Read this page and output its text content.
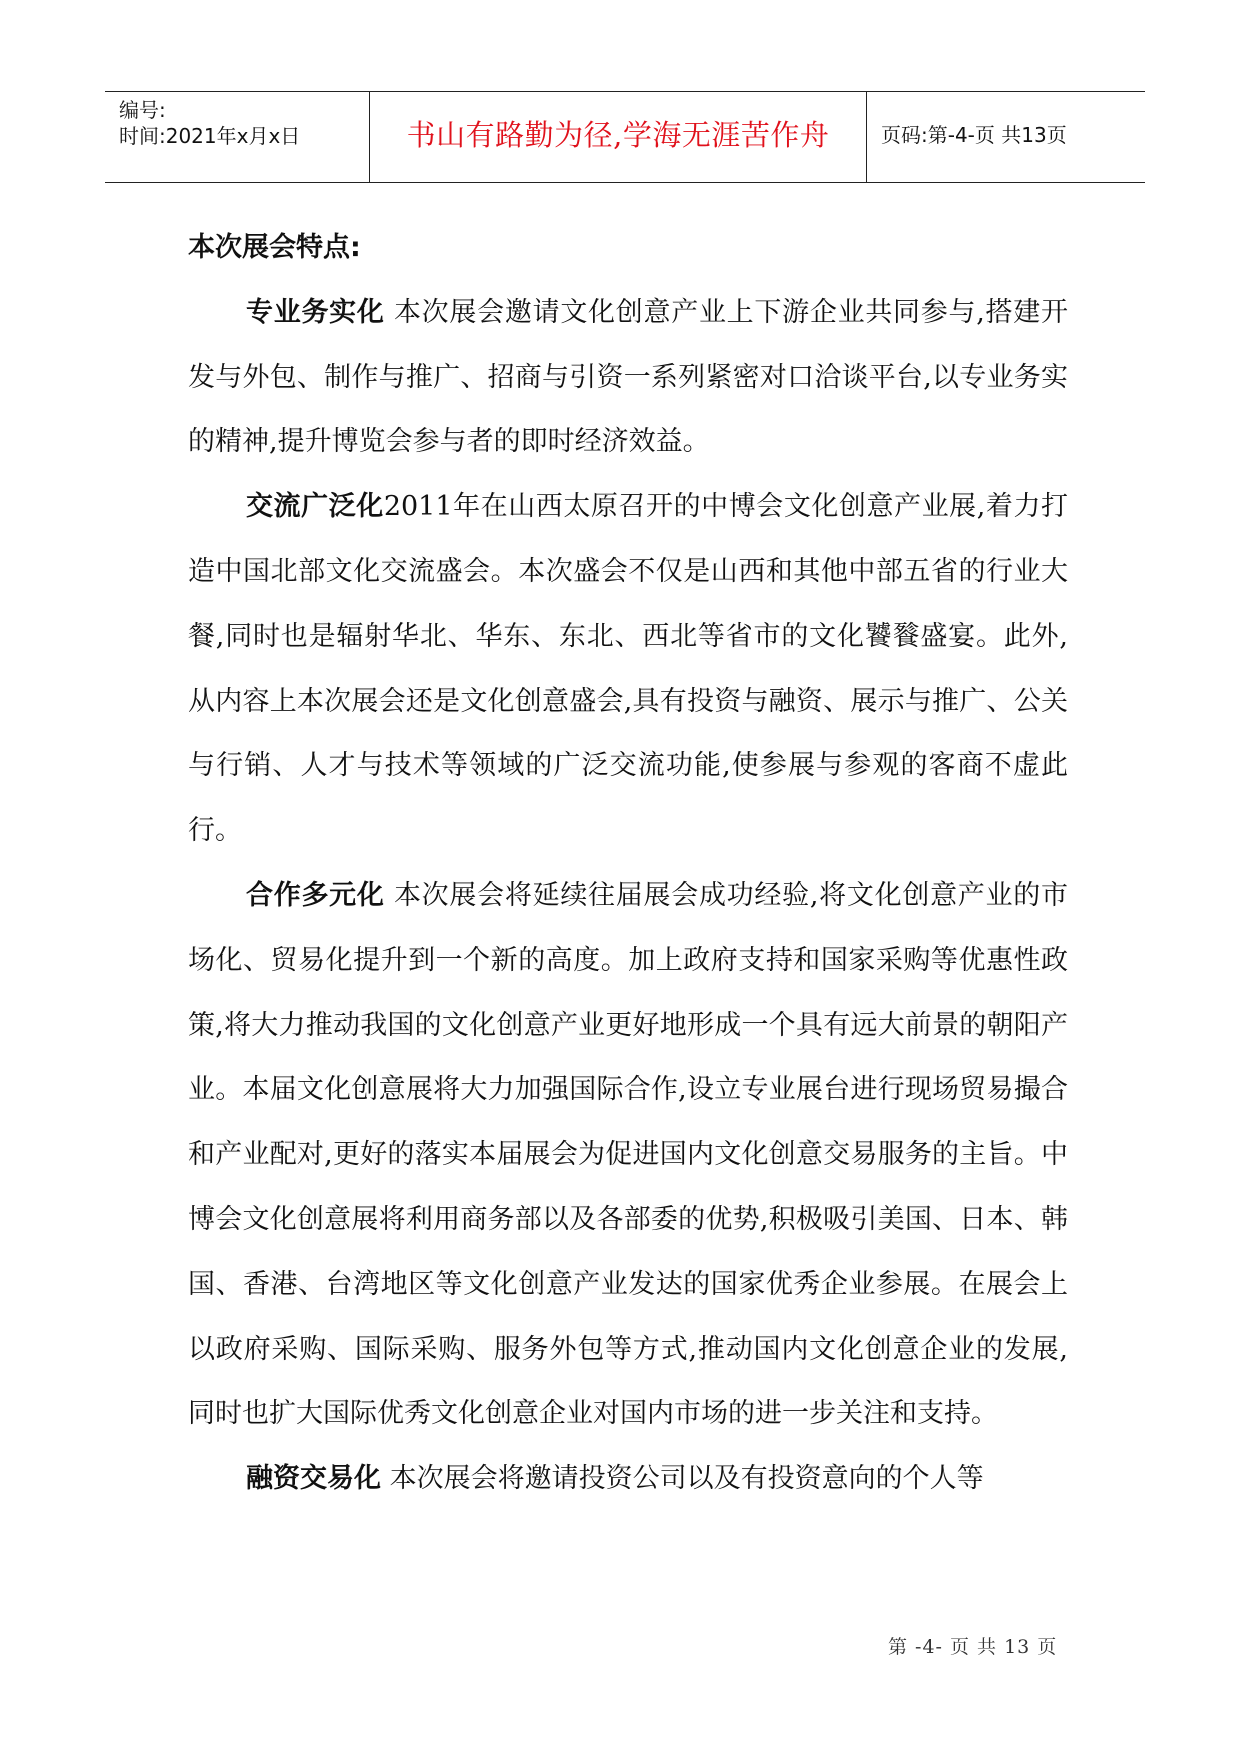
编号:
时间:2021年x月x日	书山有路勤为径,学海无涯苦作舟	页码:第-4-页 共13页
本次展会特点:

专业务实化 本次展会邀请文化创意产业上下游企业共同参与,搭建开发与外包、制作与推广、招商与引资一系列紧密对口洽谈平台,以专业务实的精神,提升博览会参与者的即时经济效益。

交流广泛化2011年在山西太原召开的中博会文化创意产业展,着力打造中国北部文化交流盛会。本次盛会不仅是山西和其他中部五省的行业大餐,同时也是辐射华北、华东、东北、西北等省市的文化饕餮盛宴。此外,从内容上本次展会还是文化创意盛会,具有投资与融资、展示与推广、公关与行销、人才与技术等领域的广泛交流功能,使参展与参观的客商不虚此行。

合作多元化 本次展会将延续往届展会成功经验,将文化创意产业的市场化、贸易化提升到一个新的高度。加上政府支持和国家采购等优惠性政策,将大力推动我国的文化创意产业更好地形成一个具有远大前景的朝阳产业。本届文化创意展将大力加强国际合作,设立专业展台进行现场贸易撮合和产业配对,更好的落实本届展会为促进国内文化创意交易服务的主旨。中博会文化创意展将利用商务部以及各部委的优势,积极吸引美国、日本、韩国、香港、台湾地区等文化创意产业发达的国家优秀企业参展。在展会上以政府采购、国际采购、服务外包等方式,推动国内文化创意企业的发展,同时也扩大国际优秀文化创意企业对国内市场的进一步关注和支持。

融资交易化 本次展会将邀请投资公司以及有投资意向的个人等

第 -4- 页 共 13 页
